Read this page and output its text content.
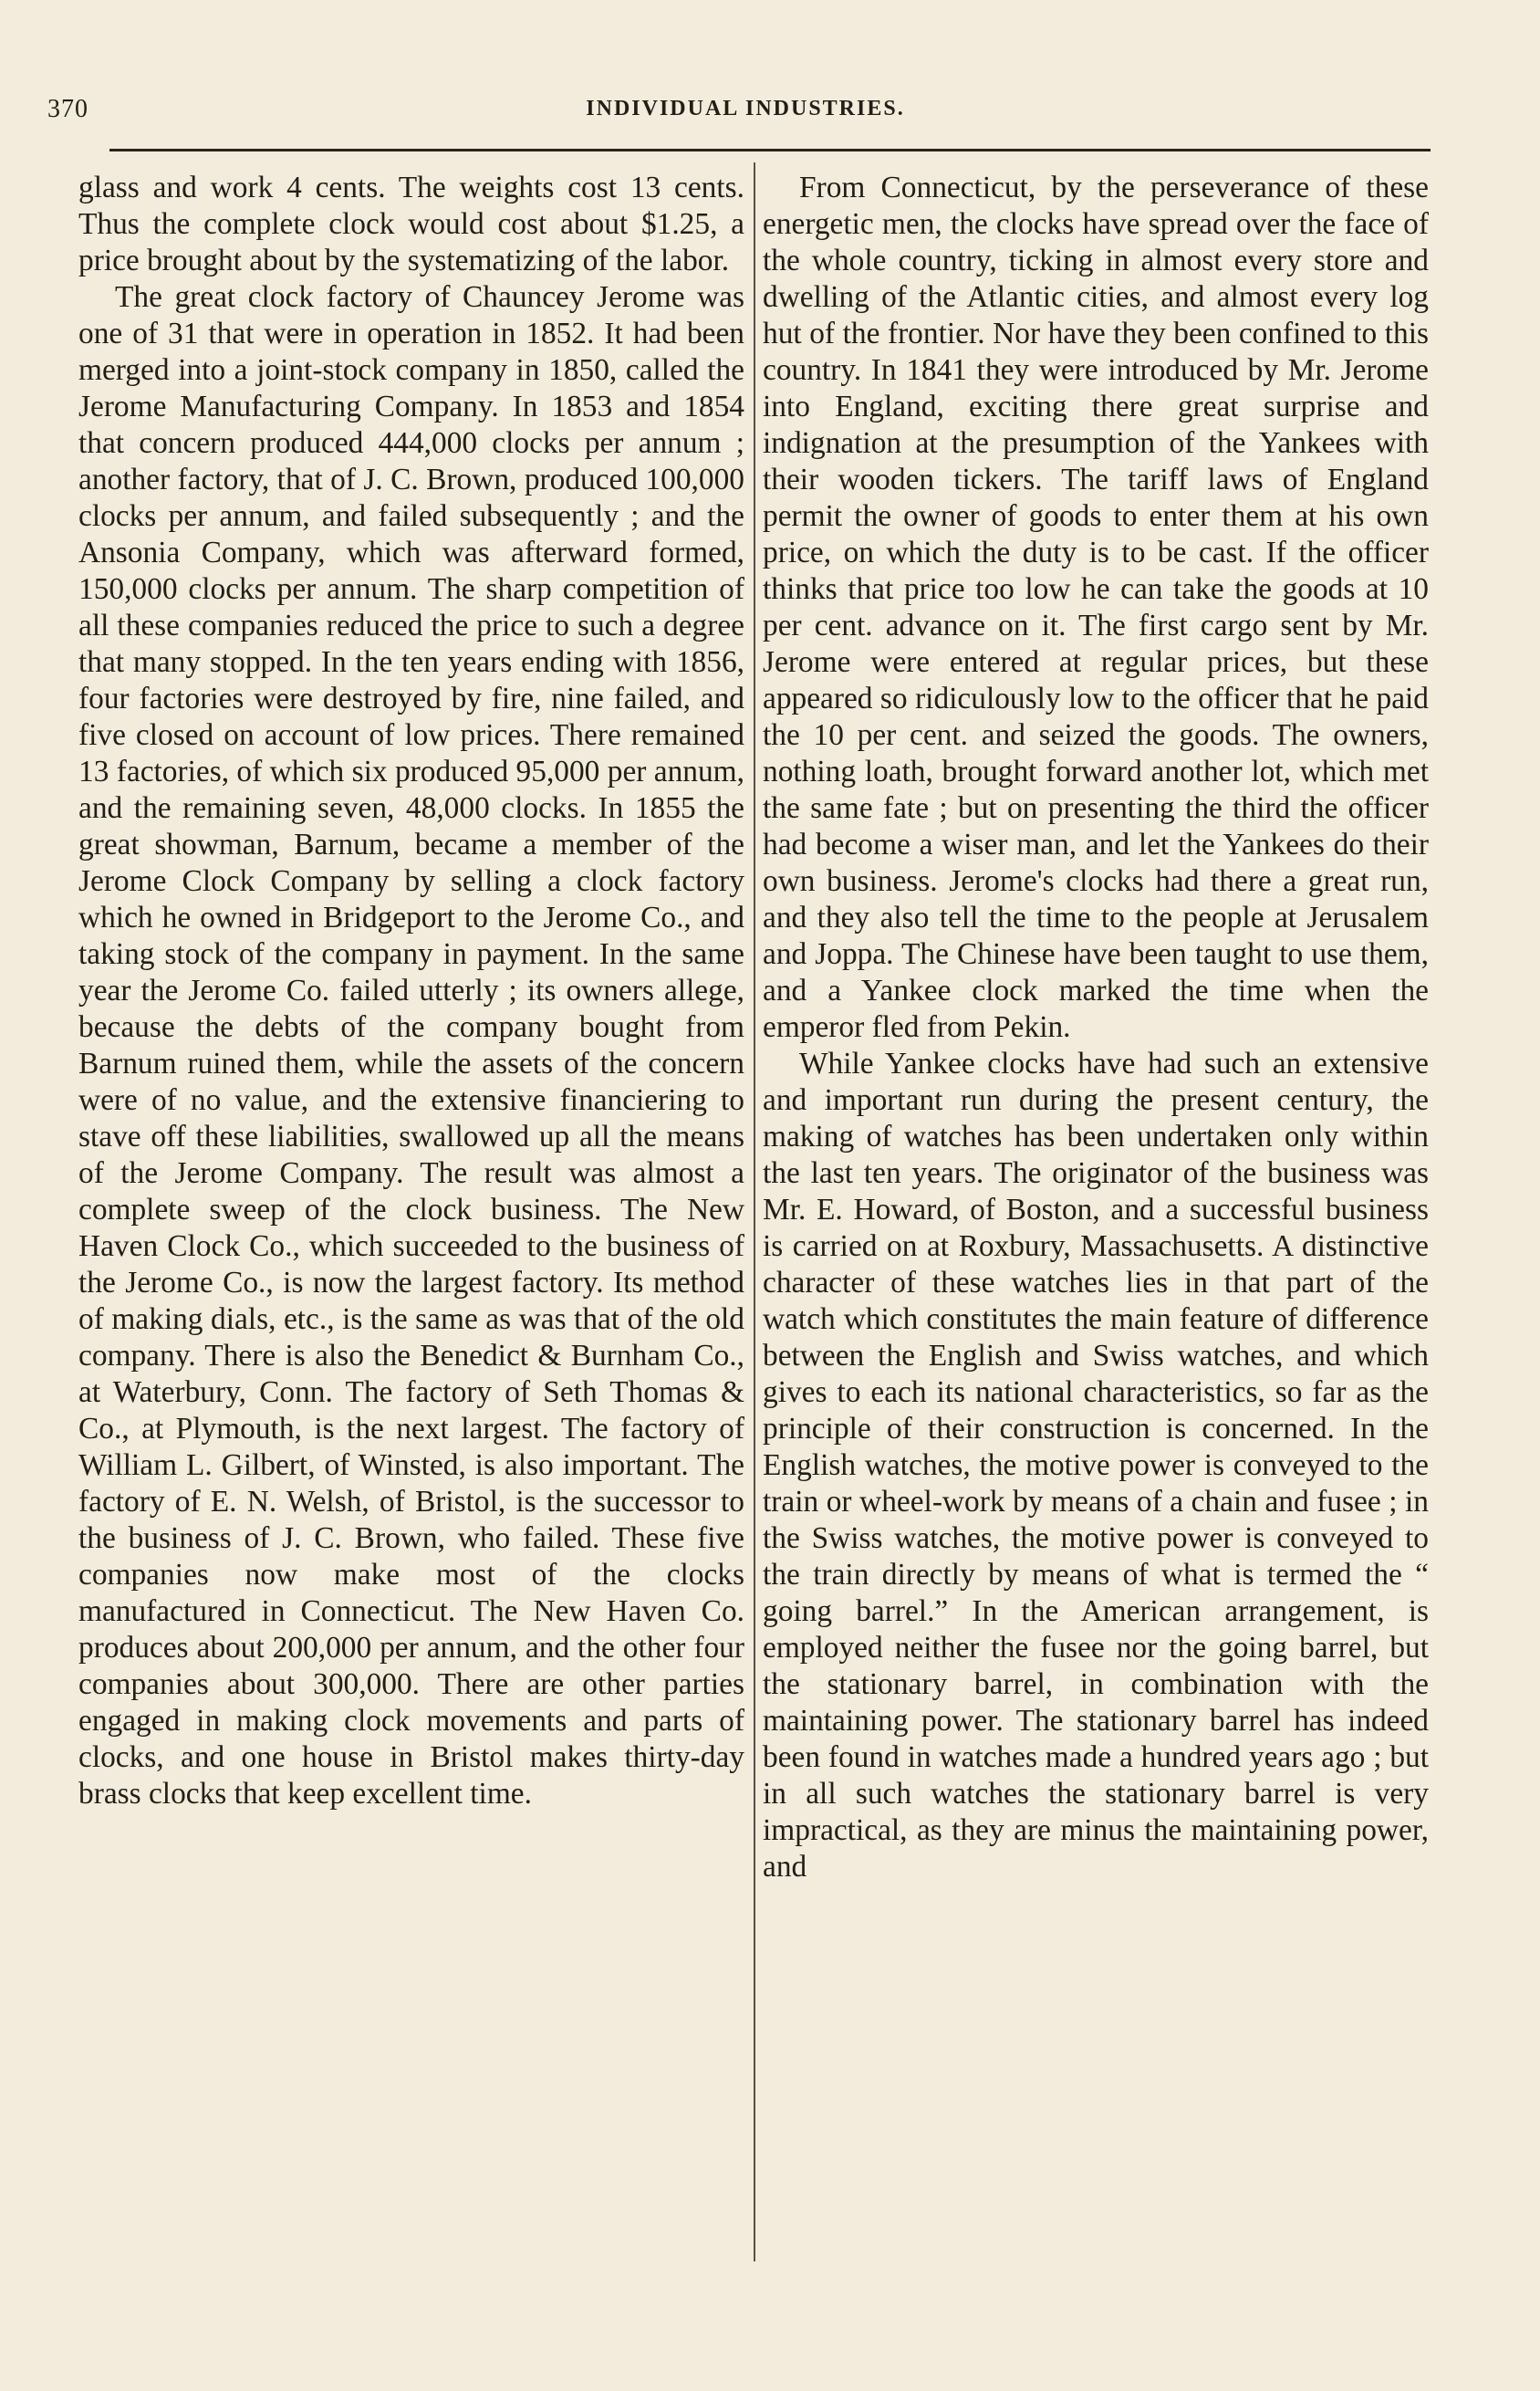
370	INDIVIDUAL INDUSTRIES.

glass and work 4 cents. The weights cost 13 cents. Thus the complete clock would cost about $1.25, a price brought about by the systematizing of the labor.

The great clock factory of Chauncey Jerome was one of 31 that were in operation in 1852. It had been merged into a joint-stock company in 1850, called the Jerome Manufacturing Company. In 1853 and 1854 that concern produced 444,000 clocks per annum ; another factory, that of J. C. Brown, produced 100,000 clocks per annum, and failed subsequently ; and the Ansonia Company, which was afterward formed, 150,000 clocks per annum. The sharp competition of all these companies reduced the price to such a degree that many stopped. In the ten years ending with 1856, four factories were destroyed by fire, nine failed, and five closed on account of low prices. There remained 13 factories, of which six produced 95,000 per annum, and the remaining seven, 48,000 clocks. In 1855 the great showman, Barnum, became a member of the Jerome Clock Company by selling a clock factory which he owned in Bridgeport to the Jerome Co., and taking stock of the company in payment. In the same year the Jerome Co. failed utterly ; its owners allege, because the debts of the company bought from Barnum ruined them, while the assets of the concern were of no value, and the extensive financiering to stave off these liabilities, swallowed up all the means of the Jerome Company. The result was almost a complete sweep of the clock business. The New Haven Clock Co., which succeeded to the business of the Jerome Co., is now the largest factory. Its method of making dials, etc., is the same as was that of the old company. There is also the Benedict & Burnham Co., at Waterbury, Conn. The factory of Seth Thomas & Co., at Plymouth, is the next largest. The factory of William L. Gilbert, of Winsted, is also important. The factory of E. N. Welsh, of Bristol, is the successor to the business of J. C. Brown, who failed. These five companies now make most of the clocks manufactured in Connecticut. The New Haven Co. produces about 200,000 per annum, and the other four companies about 300,000. There are other parties engaged in making clock movements and parts of clocks, and one house in Bristol makes thirty-day brass clocks that keep excellent time.

From Connecticut, by the perseverance of these energetic men, the clocks have spread over the face of the whole country, ticking in almost every store and dwelling of the Atlantic cities, and almost every log hut of the frontier. Nor have they been confined to this country. In 1841 they were introduced by Mr. Jerome into England, exciting there great surprise and indignation at the presumption of the Yankees with their wooden tickers. The tariff laws of England permit the owner of goods to enter them at his own price, on which the duty is to be cast. If the officer thinks that price too low he can take the goods at 10 per cent. advance on it. The first cargo sent by Mr. Jerome were entered at regular prices, but these appeared so ridiculously low to the officer that he paid the 10 per cent. and seized the goods. The owners, nothing loath, brought forward another lot, which met the same fate ; but on presenting the third the officer had become a wiser man, and let the Yankees do their own business. Jerome's clocks had there a great run, and they also tell the time to the people at Jerusalem and Joppa. The Chinese have been taught to use them, and a Yankee clock marked the time when the emperor fled from Pekin.

While Yankee clocks have had such an extensive and important run during the present century, the making of watches has been undertaken only within the last ten years. The originator of the business was Mr. E. Howard, of Boston, and a successful business is carried on at Roxbury, Massachusetts. A distinctive character of these watches lies in that part of the watch which constitutes the main feature of difference between the English and Swiss watches, and which gives to each its national characteristics, so far as the principle of their construction is concerned. In the English watches, the motive power is conveyed to the train or wheel-work by means of a chain and fusee ; in the Swiss watches, the motive power is conveyed to the train directly by means of what is termed the “ going barrel.” In the American arrangement, is employed neither the fusee nor the going barrel, but the stationary barrel, in combination with the maintaining power. The stationary barrel has indeed been found in watches made a hundred years ago ; but in all such watches the stationary barrel is very impractical, as they are minus the maintaining power, and
